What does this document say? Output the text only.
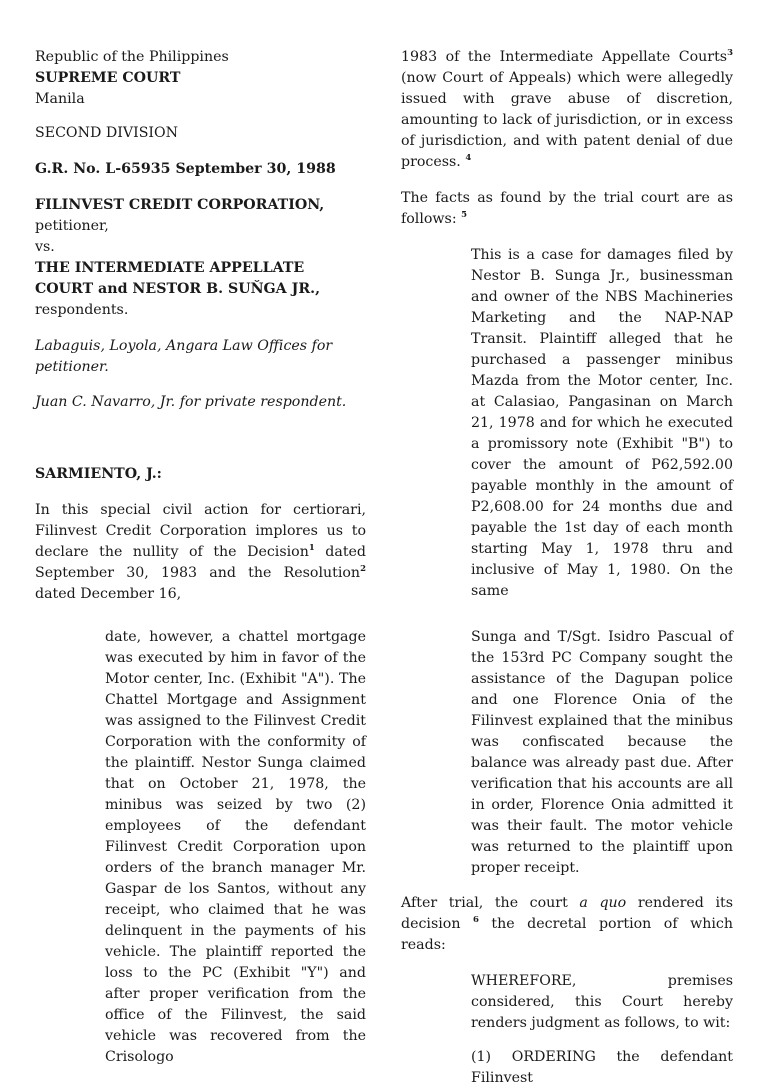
Republic of the Philippines

SUPREME COURT

Manila

SECOND DIVISION

G.R. No. L-65935 September 30, 1988

FILINVEST CREDIT CORPORATION, petitioner,

vs.

THE INTERMEDIATE APPELLATE COURT and NESTOR B. SUŇGA JR., respondents.

Labaguis, Loyola, Angara Law Offices for petitioner.

Juan C. Navarro, Jr. for private respondent.

SARMIENTO, J.:

In this special civil action for certiorari, Filinvest Credit Corporation implores us to declare the nullity of the Decision$^1$ dated September 30, 1983 and the Resolution$^2$ dated December 16,

1983 of the Intermediate Appellate Courts$^3$ (now Court of Appeals) which were allegedly issued with grave abuse of discretion, amounting to lack of jurisdiction, or in excess of jurisdiction, and with patent denial of due process. $^4$

The facts as found by the trial court are as follows: $^5$

This is a case for damages filed by Nestor B. Sunga Jr., businessman and owner of the NBS Machineries Marketing and the NAP-NAP Transit. Plaintiff alleged that he purchased a passenger minibus Mazda from the Motor center, Inc. at Calasiao, Pangasinan on March 21, 1978 and for which he executed a promissory note (Exhibit "B") to cover the amount of P62,592.00 payable monthly in the amount of P2,608.00 for 24 months due and payable the 1st day of each month starting May 1, 1978 thru and inclusive of May 1, 1980. On the same

date, however, a chattel mortgage was executed by him in favor of the Motor center, Inc. (Exhibit "A"). The Chattel Mortgage and Assignment was assigned to the Filinvest Credit Corporation with the conformity of the plaintiff. Nestor Sunga claimed that on October 21, 1978, the minibus was seized by two (2) employees of the defendant Filinvest Credit Corporation upon orders of the branch manager Mr. Gaspar de los Santos, without any receipt, who claimed that he was delinquent in the payments of his vehicle. The plaintiff reported the loss to the PC (Exhibit "Y") and after proper verification from the office of the Filinvest, the said vehicle was recovered from the Crisologo

Sunga and T/Sgt. Isidro Pascual of the 153rd PC Company sought the assistance of the Dagupan police and one Florence Onia of the Filinvest explained that the minibus was confiscated because the balance was already past due. After verification that his accounts are all in order, Florence Onia admitted it was their fault. The motor vehicle was returned to the plaintiff upon proper receipt.

After trial, the court a quo rendered its decision $^6$ the decretal portion of which reads:

WHEREFORE, premises considered, this Court hereby renders judgment as follows, to wit:

(1) ORDERING the defendant Filinvest
